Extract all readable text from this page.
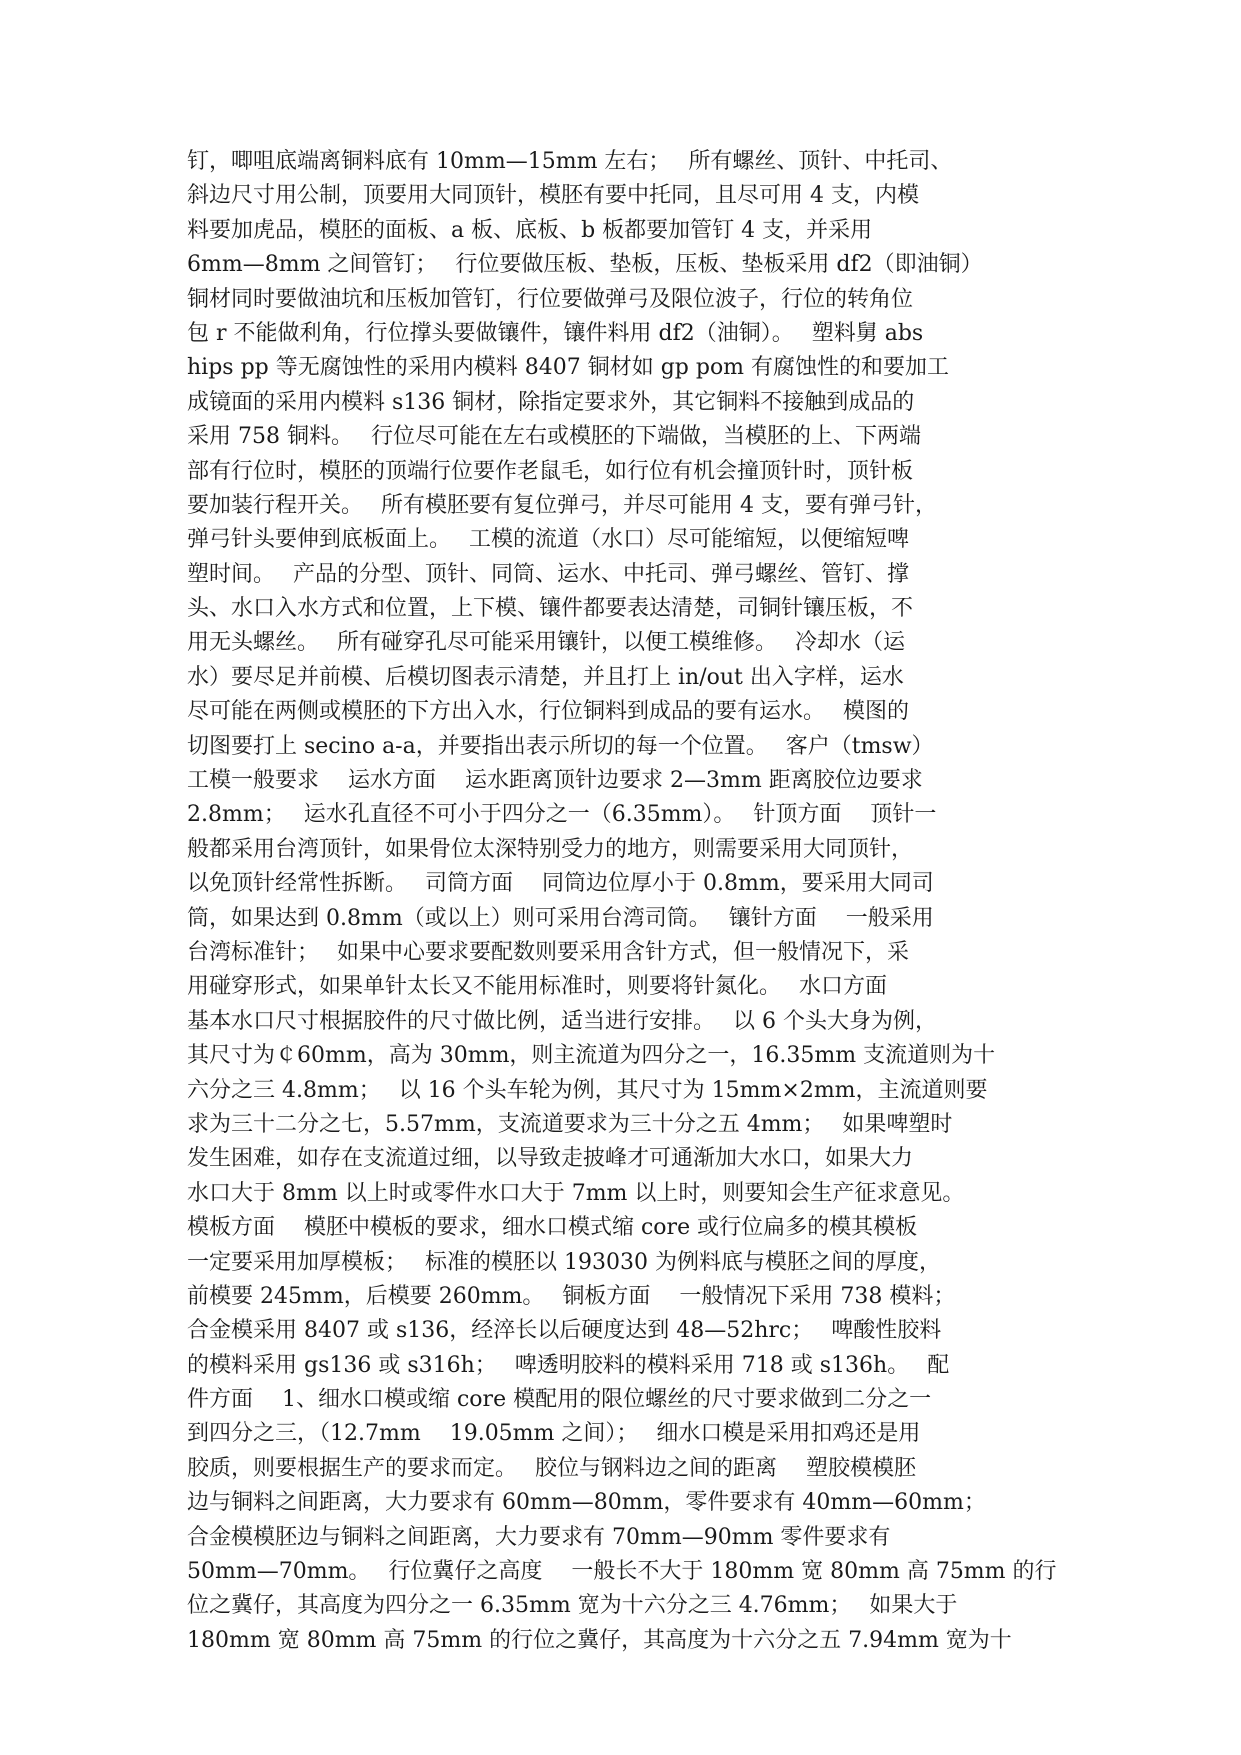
钉，唧咀底端离铜料底有 10mm—15mm 左右；　 所有螺丝、顶针、中托司、
斜边尺寸用公制，顶要用大同顶针，模胚有要中托同，且尽可用 4 支，内模
料要加虎品，模胚的面板、a 板、底板、b 板都要加管钉 4 支，并采用
6mm—8mm 之间管钉；　 行位要做压板、垫板，压板、垫板采用 df2（即油铜）
铜材同时要做油坑和压板加管钉，行位要做弹弓及限位波子，行位的转角位
包 r 不能做利角，行位撑头要做镶件，镶件料用 df2（油铜）。　 塑料舅 abs
hips pp 等无腐蚀性的采用内模料 8407 铜材如 gp pom 有腐蚀性的和要加工
成镜面的采用内模料 s136 铜材，除指定要求外，其它铜料不接触到成品的
采用 758 铜料。　 行位尽可能在左右或模胚的下端做，当模胚的上、下两端
部有行位时，模胚的顶端行位要作老鼠毛，如行位有机会撞顶针时，顶针板
要加装行程开关。　 所有模胚要有复位弹弓，并尽可能用 4 支，要有弹弓针，
弹弓针头要伸到底板面上。　 工模的流道（水口）尽可能缩短，以便缩短啤
塑时间。　 产品的分型、顶针、同筒、运水、中托司、弹弓螺丝、管钉、撑
头、水口入水方式和位置，上下模、镶件都要表达清楚，司铜针镶压板，不
用无头螺丝。　 所有碰穿孔尽可能采用镶针，以便工模维修。　 冷却水（运
水）要尽足并前模、后模切图表示清楚，并且打上 in/out 出入字样，运水
尽可能在两侧或模胚的下方出入水，行位铜料到成品的要有运水。　 模图的
切图要打上 secino a-a，并要指出表示所切的每一个位置。　 客户（tmsw）
工模一般要求　 运水方面　 运水距离顶针边要求 2—3mm 距离胶位边要求
2.8mm；　 运水孔直径不可小于四分之一（6.35mm）。　 针顶方面　 顶针一
般都采用台湾顶针，如果骨位太深特别受力的地方，则需要采用大同顶针，
以免顶针经常性拆断。　 司筒方面　 同筒边位厚小于 0.8mm，要采用大同司
筒，如果达到 0.8mm（或以上）则可采用台湾司筒。　 镶针方面　 一般采用
台湾标准针；　 如果中心要求要配数则要采用含针方式，但一般情况下，采
用碰穿形式，如果单针太长又不能用标准时，则要将针氮化。　 水口方面
基本水口尺寸根据胶件的尺寸做比例，适当进行安排。　 以 6 个头大身为例，
其尺寸为￠60mm，高为 30mm，则主流道为四分之一，16.35mm 支流道则为十
六分之三 4.8mm；　 以 16 个头车轮为例，其尺寸为 15mm×2mm，主流道则要
求为三十二分之七，5.57mm，支流道要求为三十分之五 4mm；　 如果啤塑时
发生困难，如存在支流道过细，以导致走披峰才可通渐加大水口，如果大力
水口大于 8mm 以上时或零件水口大于 7mm 以上时，则要知会生产征求意见。
模板方面　 模胚中模板的要求，细水口模式缩 core 或行位扁多的模其模板
一定要采用加厚模板；　 标准的模胚以 193030 为例料底与模胚之间的厚度，
前模要 245mm，后模要 260mm。　 铜板方面　 一般情况下采用 738 模料；
合金模采用 8407 或 s136，经淬长以后硬度达到 48—52hrc；　 啤酸性胶料
的模料采用 gs136 或 s316h；　 啤透明胶料的模料采用 718 或 s136h。　 配
件方面　 1、细水口模或缩 core 模配用的限位螺丝的尺寸要求做到二分之一
到四分之三，（12.7mm　 19.05mm 之间）；　 细水口模是采用扣鸡还是用
胶质，则要根据生产的要求而定。　 胶位与钢料边之间的距离　 塑胶模模胚
边与铜料之间距离，大力要求有 60mm—80mm，零件要求有 40mm—60mm；
合金模模胚边与铜料之间距离，大力要求有 70mm—90mm 零件要求有
50mm—70mm。　 行位冀仔之高度　 一般长不大于 180mm 宽 80mm 高 75mm 的行
位之冀仔，其高度为四分之一 6.35mm 宽为十六分之三 4.76mm；　 如果大于
180mm 宽 80mm 高 75mm 的行位之冀仔，其高度为十六分之五 7.94mm 宽为十
